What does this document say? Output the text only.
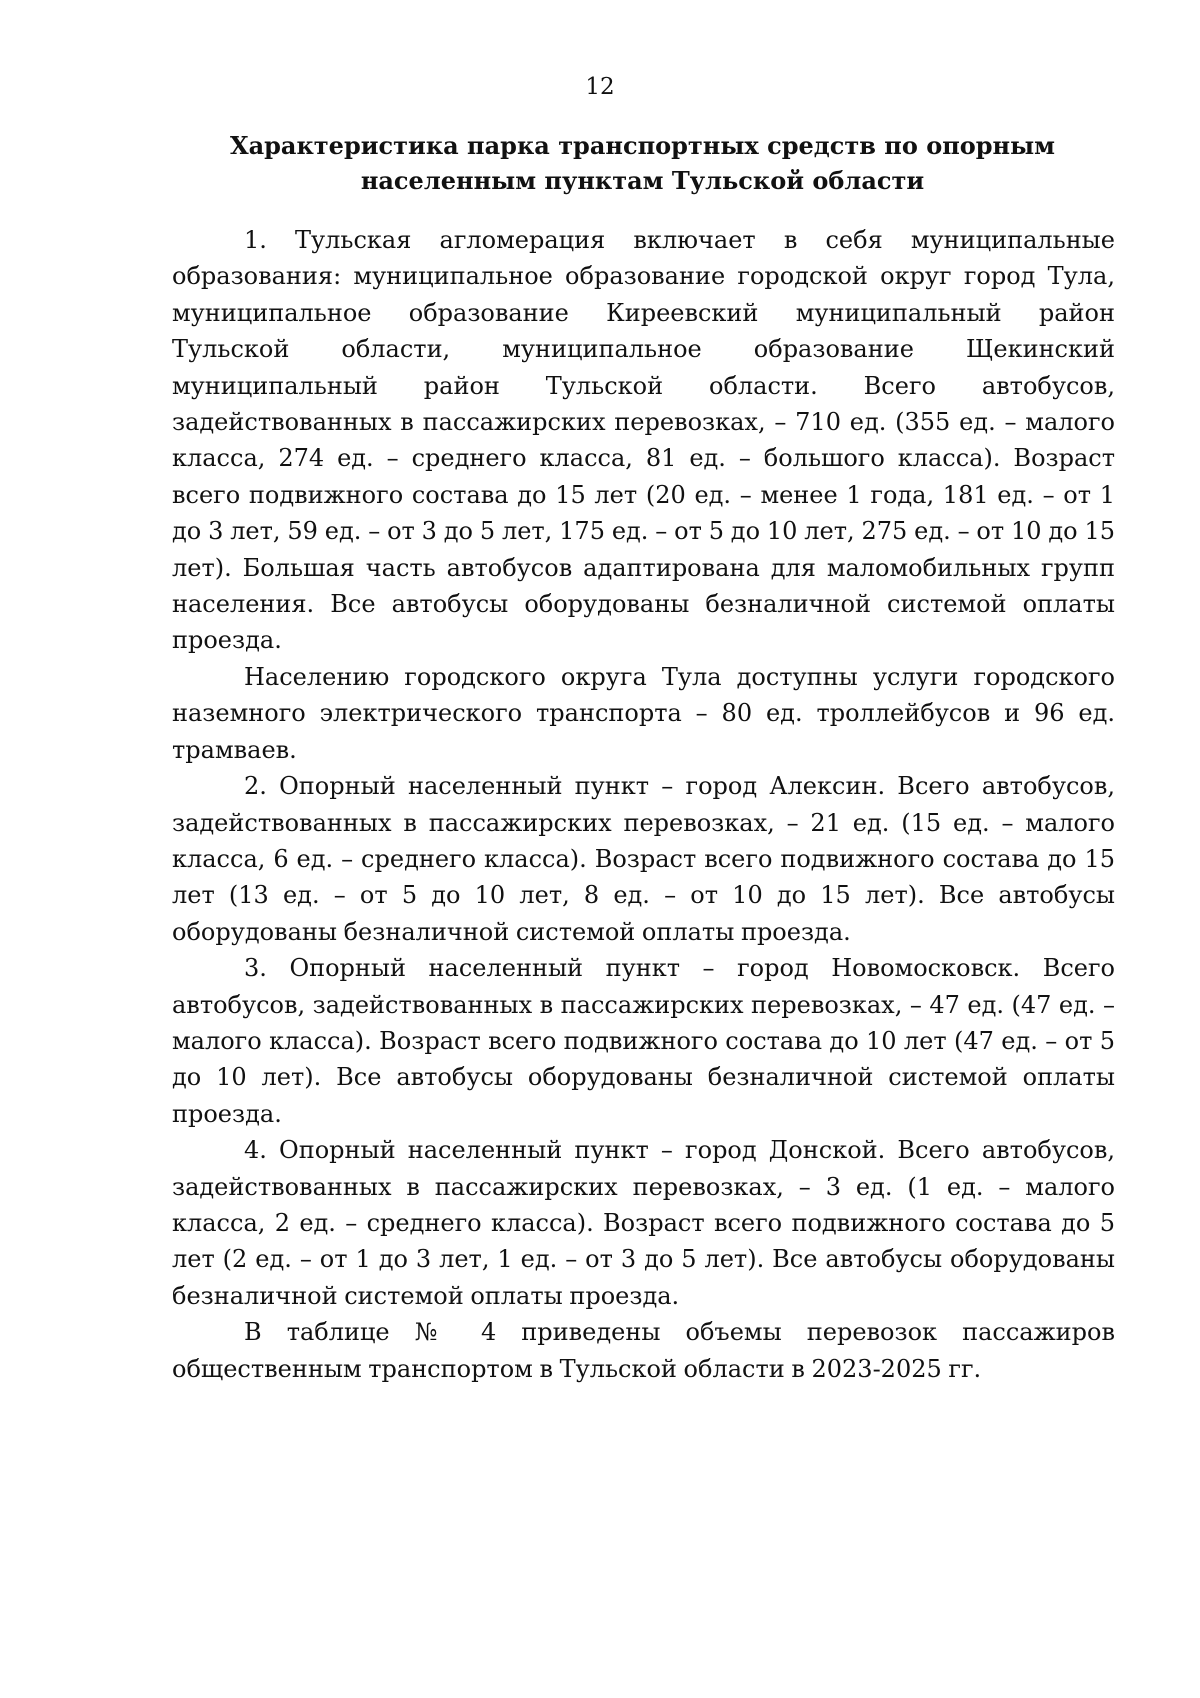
12
Характеристика парка транспортных средств по опорным
населенным пунктам Тульской области

1. Тульская агломерация включает в себя муниципальные образования: муниципальное образование городской округ город Тула, муниципальное образование Киреевский муниципальный район Тульской области, муниципальное образование Щекинский муниципальный район Тульской области. Всего автобусов, задействованных в пассажирских перевозках, – 710 ед. (355 ед. – малого класса, 274 ед. – среднего класса, 81 ед. – большого класса). Возраст всего подвижного состава до 15 лет (20 ед. – менее 1 года, 181 ед. – от 1 до 3 лет, 59 ед. – от 3 до 5 лет, 175 ед. – от 5 до 10 лет, 275 ед. – от 10 до 15 лет). Большая часть автобусов адаптирована для маломобильных групп населения. Все автобусы оборудованы безналичной системой оплаты проезда.

Населению городского округа Тула доступны услуги городского наземного электрического транспорта – 80 ед. троллейбусов и 96 ед. трамваев.

2. Опорный населенный пункт – город Алексин. Всего автобусов, задействованных в пассажирских перевозках, – 21 ед. (15 ед. – малого класса, 6 ед. – среднего класса). Возраст всего подвижного состава до 15 лет (13 ед. – от 5 до 10 лет, 8 ед. – от 10 до 15 лет). Все автобусы оборудованы безналичной системой оплаты проезда.

3. Опорный населенный пункт – город Новомосковск. Всего автобусов, задействованных в пассажирских перевозках, – 47 ед. (47 ед. – малого класса). Возраст всего подвижного состава до 10 лет (47 ед. – от 5 до 10 лет). Все автобусы оборудованы безналичной системой оплаты проезда.

4. Опорный населенный пункт – город Донской. Всего автобусов, задействованных в пассажирских перевозках, – 3 ед. (1 ед. – малого класса, 2 ед. – среднего класса). Возраст всего подвижного состава до 5 лет (2 ед. – от 1 до 3 лет, 1 ед. – от 3 до 5 лет). Все автобусы оборудованы безналичной системой оплаты проезда.

В таблице № 4 приведены объемы перевозок пассажиров общественным транспортом в Тульской области в 2023-2025 гг.
